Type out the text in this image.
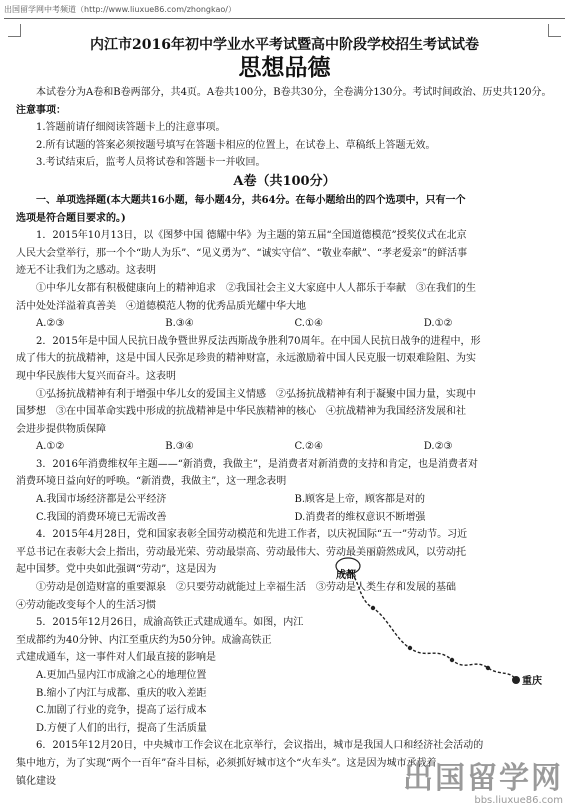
出国留学网中考频道（http://www.liuxue86.com/zhongkao/）

内江市2016年初中学业水平考试暨高中阶段学校招生考试试卷

思想品德

本试卷分为A卷和B卷两部分，共4页。A卷共100分，B卷共30分，全卷满分130分。考试时间政治、历史共120分。

注意事项：

1.答题前请仔细阅读答题卡上的注意事项。

2.所有试题的答案必须按题号填写在答题卡相应的位置上，在试卷上、草稿纸上答题无效。

3.考试结束后，监考人员将试卷和答题卡一并收回。

A卷（共100分）

一、单项选择题(本大题共16小题，每小题4分，共64分。在每小题给出的四个选项中，只有一个

选项是符合题目要求的。)

1．2015年10月13日，以《图梦中国 德耀中华》为主题的第五届“全国道德模范”授奖仪式在北京

人民大会堂举行，那一个个“助人为乐”、“见义勇为”、“诚实守信”、“敬业奉献”、“孝老爱亲”的鲜活事

迹无不让我们为之感动。这表明

①中华儿女都有积极健康向上的精神追求　②我国社会主义大家庭中人人都乐于奉献　③在我们的生

活中处处洋溢着真善美　④道德模范人物的优秀品质光耀中华大地

A.②③	B.③④	C.①④	D.①②

2．2015年是中国人民抗日战争暨世界反法西斯战争胜利70周年。在中国人民抗日战争的进程中，形

成了伟大的抗战精神，这是中国人民弥足珍贵的精神财富，永远激励着中国人民克服一切艰难险阻、为实

现中华民族伟大复兴而奋斗。这表明

①弘扬抗战精神有利于增强中华儿女的爱国主义情感　②弘扬抗战精神有利于凝聚中国力量，实现中

国梦想　③在中国革命实践中形成的抗战精神是中华民族精神的核心　④抗战精神为我国经济发展和社

会进步提供物质保障

A.①②	B.③④	C.②④	D.②③

3．2016年消费维权年主题——“新消费，我做主”，是消费者对新消费的支持和肯定，也是消费者对

消费环境日益向好的呼唤。“新消费，我做主”，这一理念表明

A.我国市场经济都是公平经济	B.顾客是上帝，顾客都是对的
C.我国的消费环境已无需改善	D.消费者的维权意识不断增强

4．2015年4月28日，党和国家表彰全国劳动模范和先进工作者，以庆祝国际“五一”劳动节。习近

平总书记在表彰大会上指出，劳动最光荣、劳动最崇高、劳动最伟大、劳动最美丽蔚然成风，以劳动托

起中国梦。党中央如此强调“劳动”，这是因为

①劳动是创造财富的重要源泉　②只要劳动就能过上幸福生活　③劳动是人类生存和发展的基础

④劳动能改变每个人的生活习惯

5．2015年12月26日，成渝高铁正式建成通车。如图，内江

至成都约为40分钟、内江至重庆约为50分钟。成渝高铁正

式建成通车，这一事件对人们最直接的影响是

A.更加凸显内江市成渝之心的地理位置

B.缩小了内江与成都、重庆的收入差距

C.加剧了行业的竞争，提高了运行成本

D.方便了人们的出行，提高了生活质量

6．2015年12月20日，中央城市工作会议在北京举行，会议指出，城市是我国人口和经济社会活动的

集中地方，为了实现“两个一百年”奋斗目标，必须抓好城市这个“火车头”。这是因为城市承载着

镇化建设

成都
重庆
出国留学网
bbs.liuxue86.com
